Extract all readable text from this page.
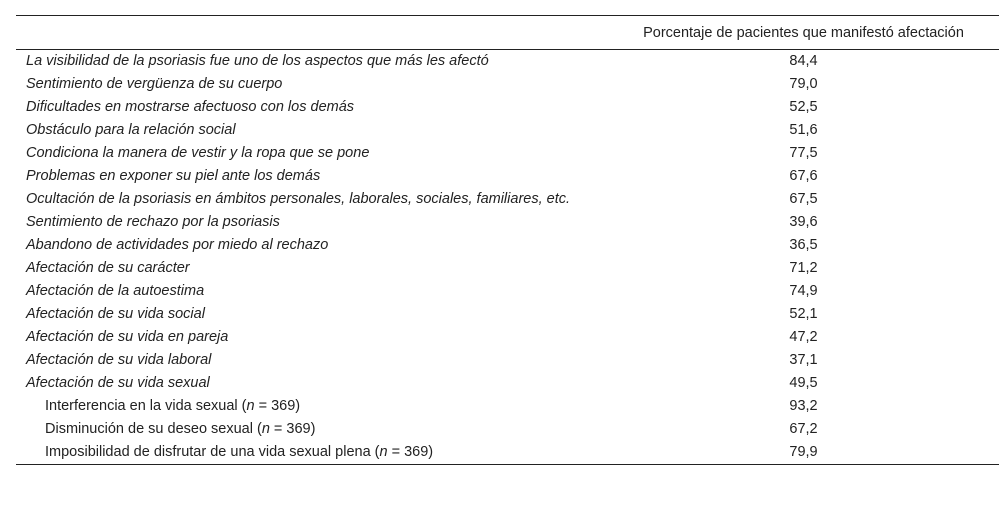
	Porcentaje de pacientes que manifestó afectación
La visibilidad de la psoriasis fue uno de los aspectos que más les afectó	84,4
Sentimiento de vergüenza de su cuerpo	79,0
Dificultades en mostrarse afectuoso con los demás	52,5
Obstáculo para la relación social	51,6
Condiciona la manera de vestir y la ropa que se pone	77,5
Problemas en exponer su piel ante los demás	67,6
Ocultación de la psoriasis en ámbitos personales, laborales, sociales, familiares, etc.	67,5
Sentimiento de rechazo por la psoriasis	39,6
Abandono de actividades por miedo al rechazo	36,5
Afectación de su carácter	71,2
Afectación de la autoestima	74,9
Afectación de su vida social	52,1
Afectación de su vida en pareja	47,2
Afectación de su vida laboral	37,1
Afectación de su vida sexual	49,5
Interferencia en la vida sexual (n = 369)	93,2
Disminución de su deseo sexual (n = 369)	67,2
Imposibilidad de disfrutar de una vida sexual plena (n = 369)	79,9
